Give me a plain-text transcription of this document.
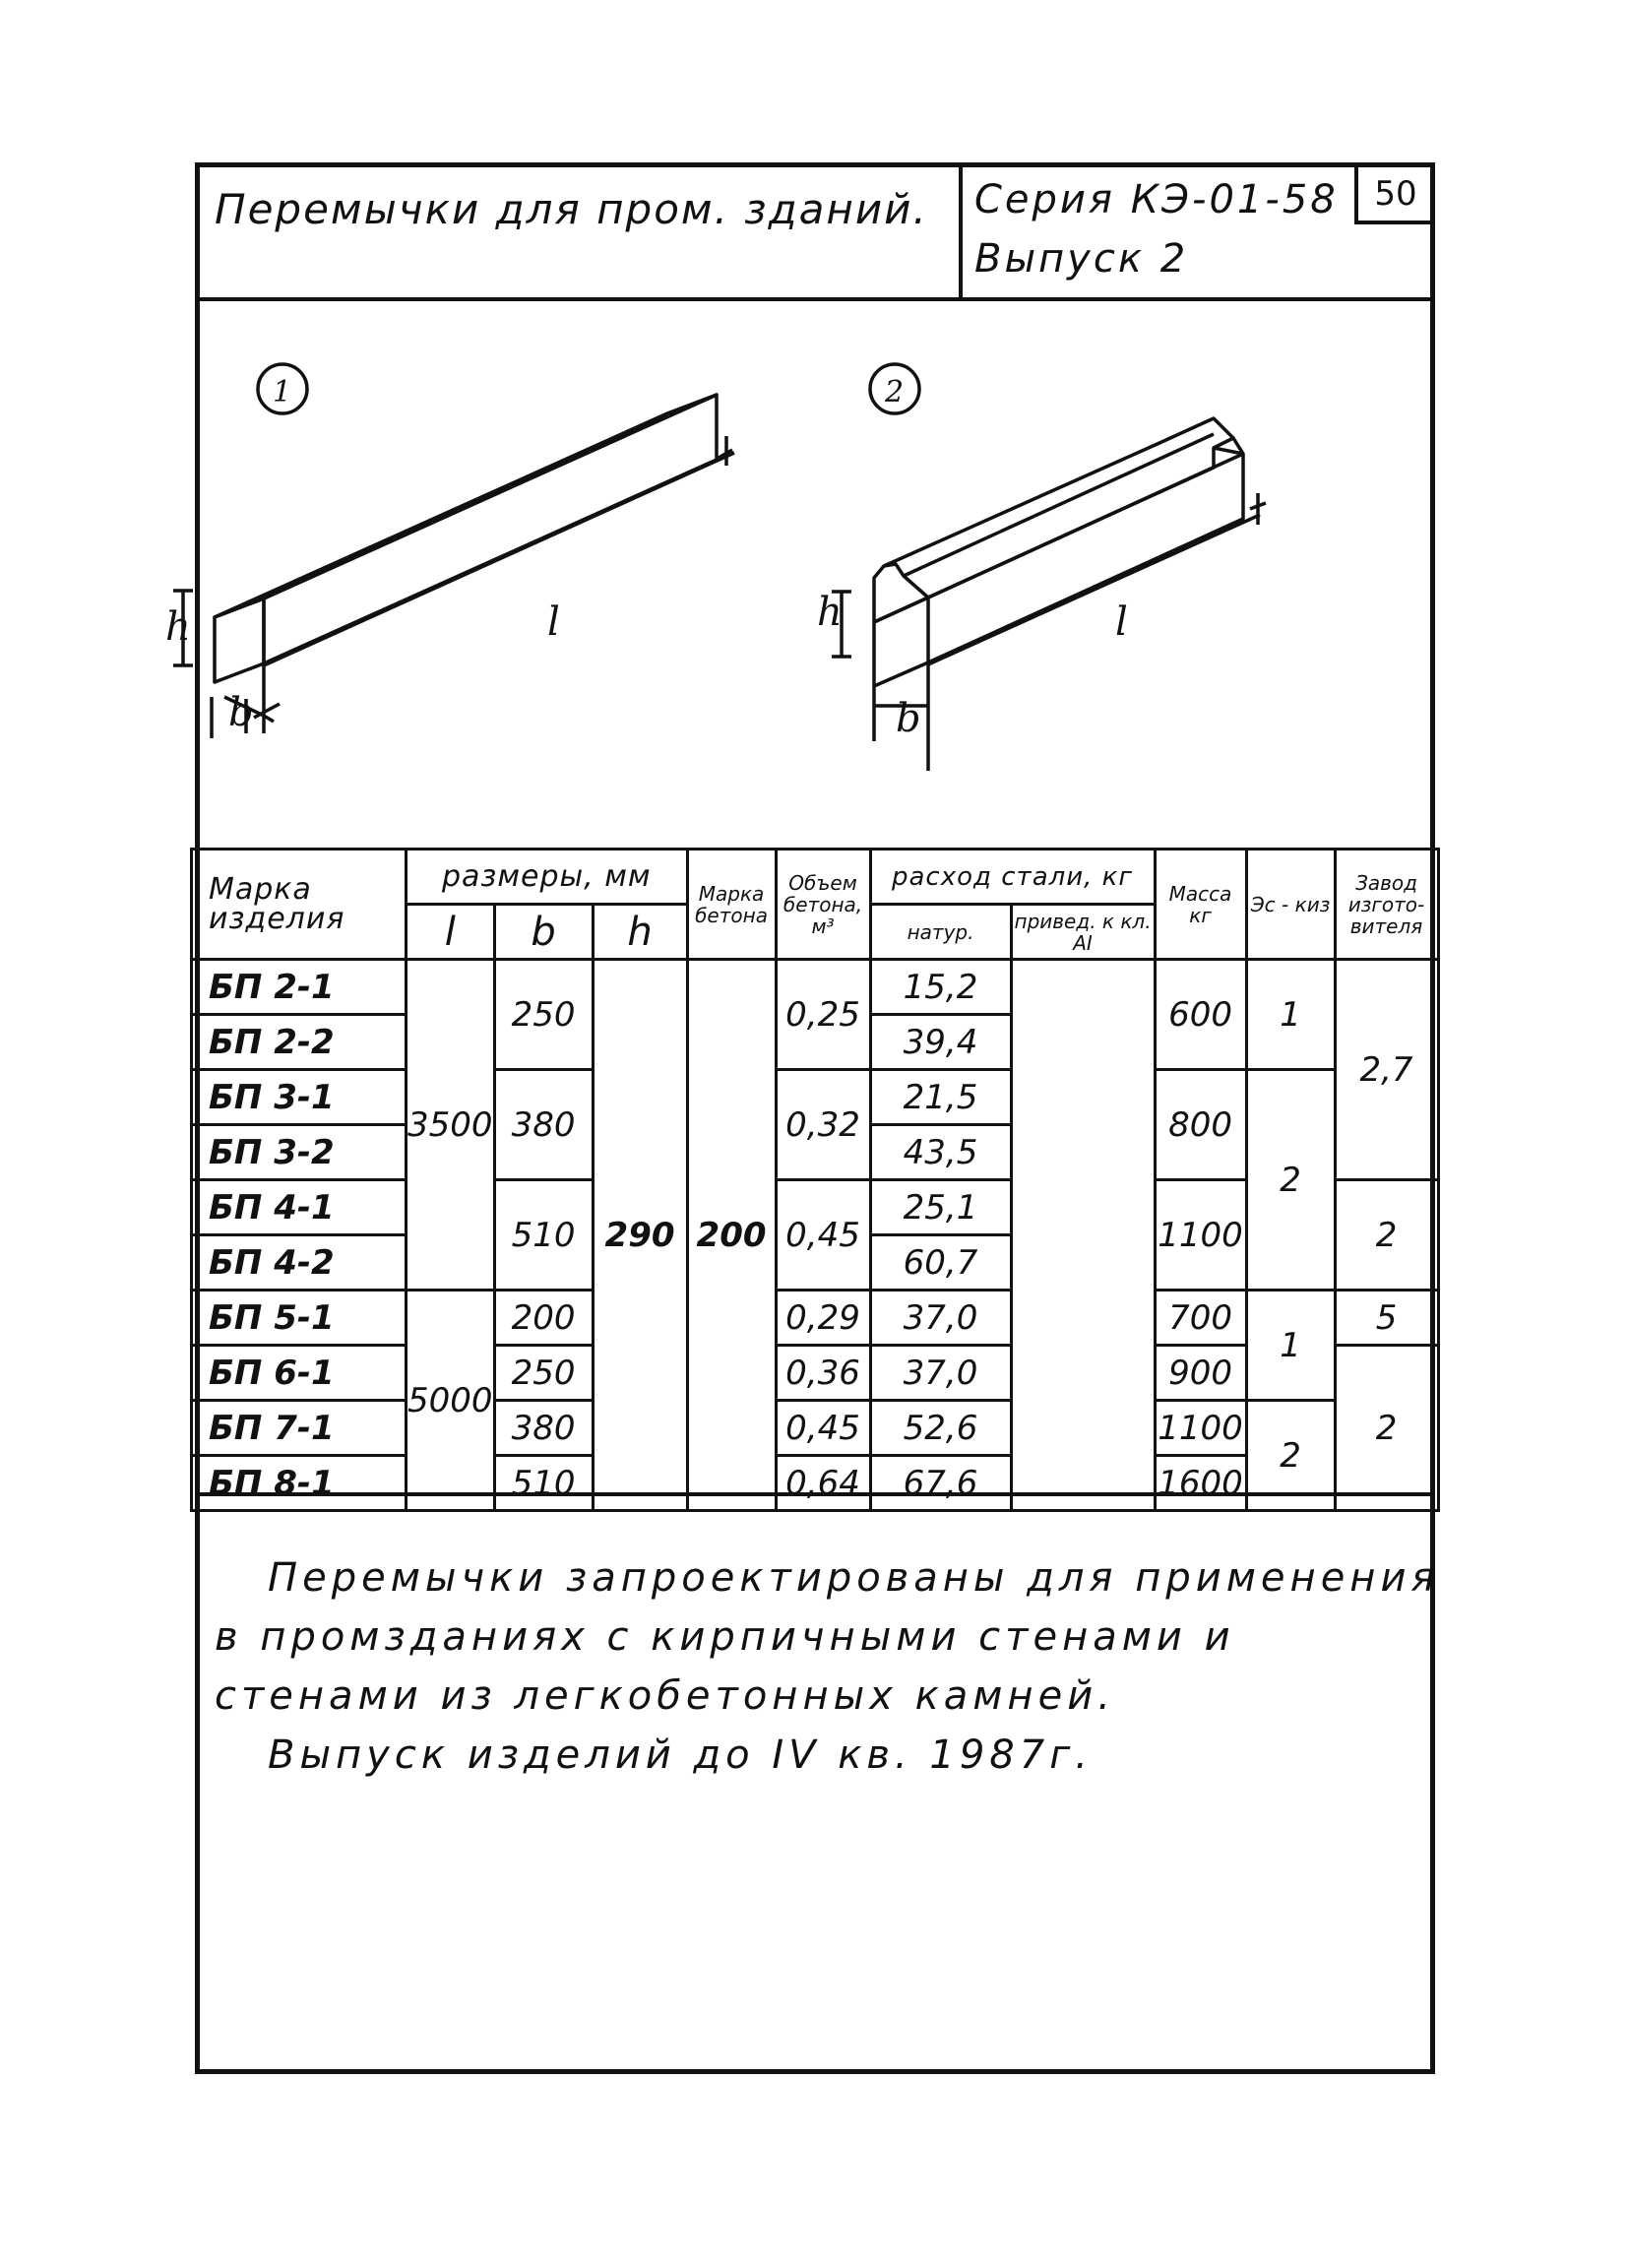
Перемычки для пром. зданий. Серия КЭ-01-58
Выпуск 2
50
1	2
h	l
b
h	l
b
Марка изделия	размеры, мм			Марка бетона	Объем бетона, м³	расход стали, кг		Масса кг	Эс - киз	Завод изгото-вителя
	l	b	h			натур.	привед. к кл. AI			
БП 2-1	3500	250	290	200	0,25	15,2		600	1	2,7
БП 2-2						39,4				
БП 3-1		380			0,32	21,5		800	2	
БП 3-2						43,5				
БП 4-1		510			0,45	25,1		1100		2
БП 4-2						60,7				
БП 5-1	5000	200			0,29	37,0		700	1	5
БП 6-1		250			0,36	37,0		900		2
БП 7-1		380			0,45	52,6		1100	2	
БП 8-1		510			0,64	67,6		1600		
Перемычки запроектированы для применения
в промзданиях с кирпичными стенами и
стенами из легкобетонных камней.
Выпуск изделий до IV кв. 1987г.
